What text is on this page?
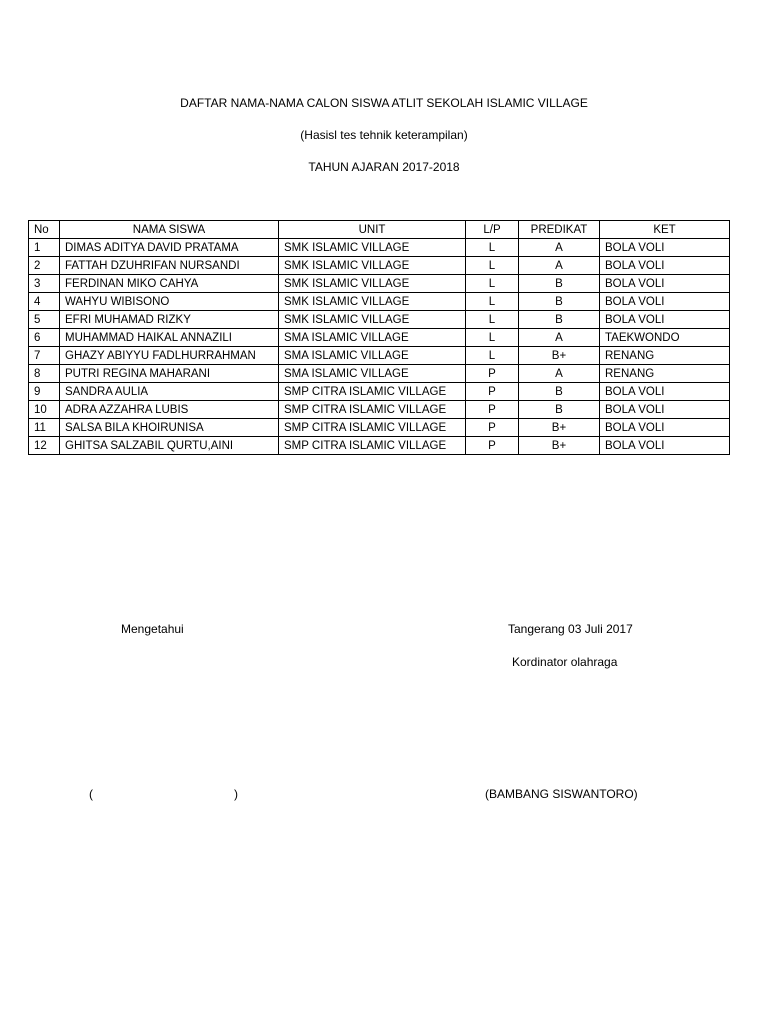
DAFTAR NAMA-NAMA CALON SISWA ATLIT SEKOLAH ISLAMIC VILLAGE
(Hasisl tes tehnik keterampilan)
TAHUN AJARAN 2017-2018
No	NAMA SISWA	UNIT	L/P	PREDIKAT	KET
1	DIMAS ADITYA DAVID PRATAMA	SMK ISLAMIC VILLAGE	L	A	BOLA VOLI
2	FATTAH DZUHRIFAN NURSANDI	SMK ISLAMIC VILLAGE	L	A	BOLA VOLI
3	FERDINAN MIKO CAHYA	SMK ISLAMIC VILLAGE	L	B	BOLA VOLI
4	WAHYU WIBISONO	SMK ISLAMIC VILLAGE	L	B	BOLA VOLI
5	EFRI MUHAMAD RIZKY	SMK ISLAMIC VILLAGE	L	B	BOLA VOLI
6	MUHAMMAD HAIKAL ANNAZILI	SMA ISLAMIC VILLAGE	L	A	TAEKWONDO
7	GHAZY ABIYYU FADLHURRAHMAN	SMA ISLAMIC VILLAGE	L	B+	RENANG
8	PUTRI REGINA MAHARANI	SMA ISLAMIC VILLAGE	P	A	RENANG
9	SANDRA AULIA	SMP CITRA ISLAMIC VILLAGE	P	B	BOLA VOLI
10	ADRA AZZAHRA LUBIS	SMP CITRA ISLAMIC VILLAGE	P	B	BOLA VOLI
11	SALSA BILA KHOIRUNISA	SMP CITRA ISLAMIC VILLAGE	P	B+	BOLA VOLI
12	GHITSA SALZABIL QURTU,AINI	SMP CITRA ISLAMIC VILLAGE	P	B+	BOLA VOLI
Mengetahui	Tangerang 03 Juli 2017
Kordinator olahraga
(	)	(BAMBANG SISWANTORO)
